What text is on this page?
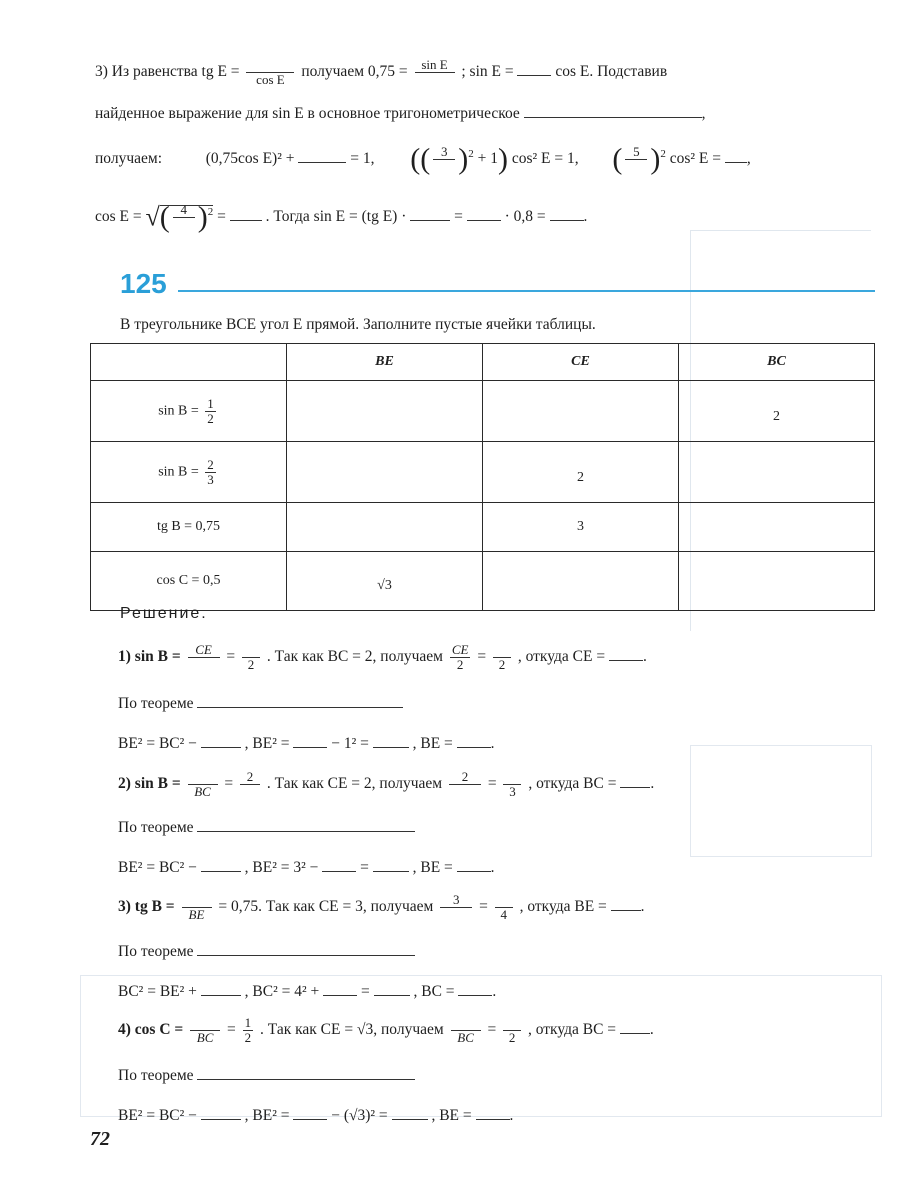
3) Из равенства tg E =	cos E	получаем 0,75 =	sin E ; sin E =	cos E. Подставив
найденное выражение для sin E в основное тригонометрическое	,
получаем:	(0,75cos E)² +	= 1, (( 3 )$^2$ + 1) cos² E = 1, ( 5 )$^2$ cos² E = ,
cos E = √( 4 )$^2$ =	. Тогда sin E = (tg E) ·	=	· 0,8 = .
125
В треугольнике BCE угол E прямой. Заполните пустые ячейки таблицы.
	BE	CE	BC
$\sin B = \frac{1}{2}$			2
$\sin B = \frac{2}{3}$		2	
tg B = 0,75		3	
cos C = 0,5	√3		
Решение.
1) sin B =	CE = 2 . Так как BC = 2, получаем $\frac{CE}{2} = 2$ , откуда CE = .
По теореме
BE² = BC² −	, BE² =	− 1² =	, BE = .
2) sin B =	BC = 2 . Так как CE = 2, получаем	2	= 3 , откуда BC = .
По теореме
BE² = BC² −	, BE² = 3² −	=	, BE = .
3) tg B =	BE = 0,75. Так как CE = 3, получаем	3	= 4 , откуда BE = .
По теореме
BC² = BE² +	, BC² = 4² +	=	, BC = .
4) cos C =	BC = $\frac{1}{2}$ . Так как CE = √3, получаем	BC = 2 , откуда BC = .
По теореме
BE² = BC² −	, BE² =	− (√3)² =	, BE = .
72
